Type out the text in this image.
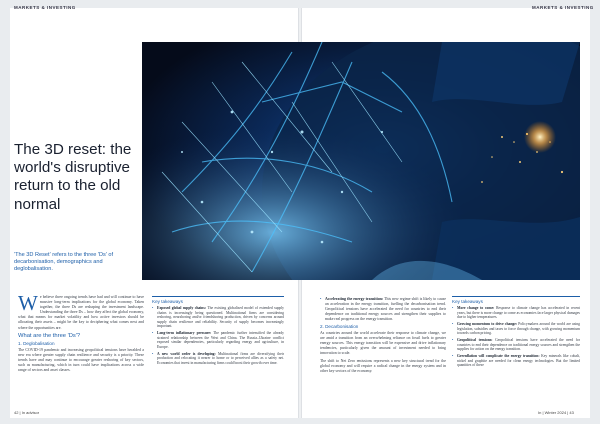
MARKETS & INVESTING	MARKETS & INVESTING
The 3D reset: the world's disruptive return to the old normal

'The 3D Reset' refers to the three 'Ds' of decarbonisation, demographics and deglobalisation.

We believe three ongoing trends have had and will continue to have massive long-term implications for the global economy. Taken together, the three Ds are reshaping the investment landscape. Understanding the three Ds – how they affect the global economy, what that means for market volatility and how active investors should be allocating their assets – might be the key to deciphering what comes next and where the opportunities are.

What are the three 'Ds'?
1. Deglobalisation

The COVID-19 pandemic and increasing geopolitical tensions have heralded a new era where greater supply chain resilience and security is a priority. These trends have and may continue to encourage greater reshoring of key sectors, such as manufacturing, which in turn could have implications across a wide range of sectors and asset classes.

Key takeaways
• Exposed global supply chains: The existing globalised model of extended supply chains is increasingly being questioned. Multinational firms are considering reshoring, nearshoring and/or friendshoring production, driven by concerns around supply chain resilience and reliability. Security of supply becomes increasingly important.
• Long-term inflationary pressure: The pandemic further intensified the already strained relationship between the West and China. The Russia–Ukraine conflict exposed similar dependencies, particularly regarding energy and agriculture, in Europe.
• A new world order is developing: Multinational firms are diversifying their production and relocating it nearer to home or to perceived allies as a safety net. Economies that invest in manufacturing firms could boost their growth over time.
• Accelerating the energy transition: This new regime shift is likely to cause an acceleration in the energy transition, fuelling the decarbonisation trend. Geopolitical tensions have accelerated the need for countries to end their dependence on traditional energy sources and strengthen their supplies to make real progress on the energy transition.
2. Decarbonisation

As countries around the world accelerate their response to climate change, we are amid a transition from an overwhelming reliance on fossil fuels to greater energy sources. This energy transition will be expensive and drive inflationary tendencies, particularly given the amount of investment needed to bring innovation to scale.

The shift to Net Zero emissions represents a new key structural trend for the global economy and will require a radical change in the energy system and in other key sectors of the economy.

Key takeaways
• More change to come: Response to climate change has accelerated in recent years, but there is more change to come as economies face larger physical damages due to higher temperatures.
• Growing momentum to drive change: Policymakers around the world are using legislation, subsidies and taxes to force through change, with growing momentum towards carbon pricing.
• Geopolitical tensions: Geopolitical tensions have accelerated the need for countries to end their dependence on traditional energy sources and strengthen the supplies for action on the energy transition.
• Greenflation will complicate the energy transition: Key minerals like cobalt, nickel and graphite are needed for clean energy technologies. But the limited quantities of these
42 | In advisor	In | Winter 2024 | 43
